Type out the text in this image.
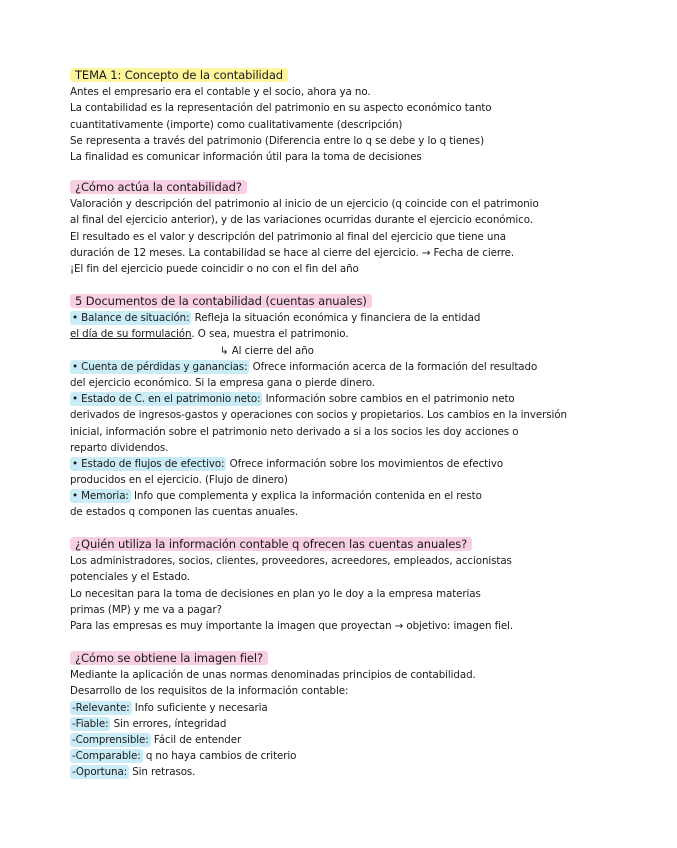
TEMA 1: Concepto de la contabilidad
Antes el empresario era el contable y el socio, ahora ya no.
La contabilidad es la representación del patrimonio en su aspecto económico tanto
cuantitativamente (importe) como cualitativamente (descripción)
Se representa a través del patrimonio (Diferencia entre lo q se debe y lo q tienes)
La finalidad es comunicar información útil para la toma de decisiones
¿Cómo actúa la contabilidad?
Valoración y descripción del patrimonio al inicio de un ejercicio (q coincide con el patrimonio
al final del ejercicio anterior), y de las variaciones ocurridas durante el ejercicio económico.
El resultado es el valor y descripción del patrimonio al final del ejercicio que tiene una
duración de 12 meses. La contabilidad se hace al cierre del ejercicio. → Fecha de cierre.
¡El fin del ejercicio puede coincidir o no con el fin del año
5 Documentos de la contabilidad (cuentas anuales)
• Balance de situación: Refleja la situación económica y financiera de la entidad
el día de su formulación. O sea, muestra el patrimonio.
↳ Al cierre del año
• Cuenta de pérdidas y ganancias: Ofrece información acerca de la formación del resultado
del ejercicio económico. Si la empresa gana o pierde dinero.
• Estado de C. en el patrimonio neto: Información sobre cambios en el patrimonio neto
derivados de ingresos-gastos y operaciones con socios y propietarios. Los cambios en la inversión
inicial, información sobre el patrimonio neto derivado a si a los socios les doy acciones o
reparto dividendos.
• Estado de flujos de efectivo: Ofrece información sobre los movimientos de efectivo
producidos en el ejercicio. (Flujo de dinero)
• Memoria: Info que complementa y explica la información contenida en el resto
de estados q componen las cuentas anuales.
¿Quién utiliza la información contable q ofrecen las cuentas anuales?
Los administradores, socios, clientes, proveedores, acreedores, empleados, accionistas
potenciales y el Estado.
Lo necesitan para la toma de decisiones en plan yo le doy a la empresa materias
primas (MP) y me va a pagar?
Para las empresas es muy importante la imagen que proyectan → objetivo: imagen fiel.
¿Cómo se obtiene la imagen fiel?
Mediante la aplicación de unas normas denominadas principios de contabilidad.
Desarrollo de los requisitos de la información contable:
-Relevante: Info suficiente y necesaria
-Fiable: Sin errores, íntegridad
-Comprensible: Fácil de entender
-Comparable: q no haya cambios de criterio
-Oportuna: Sin retrasos.
